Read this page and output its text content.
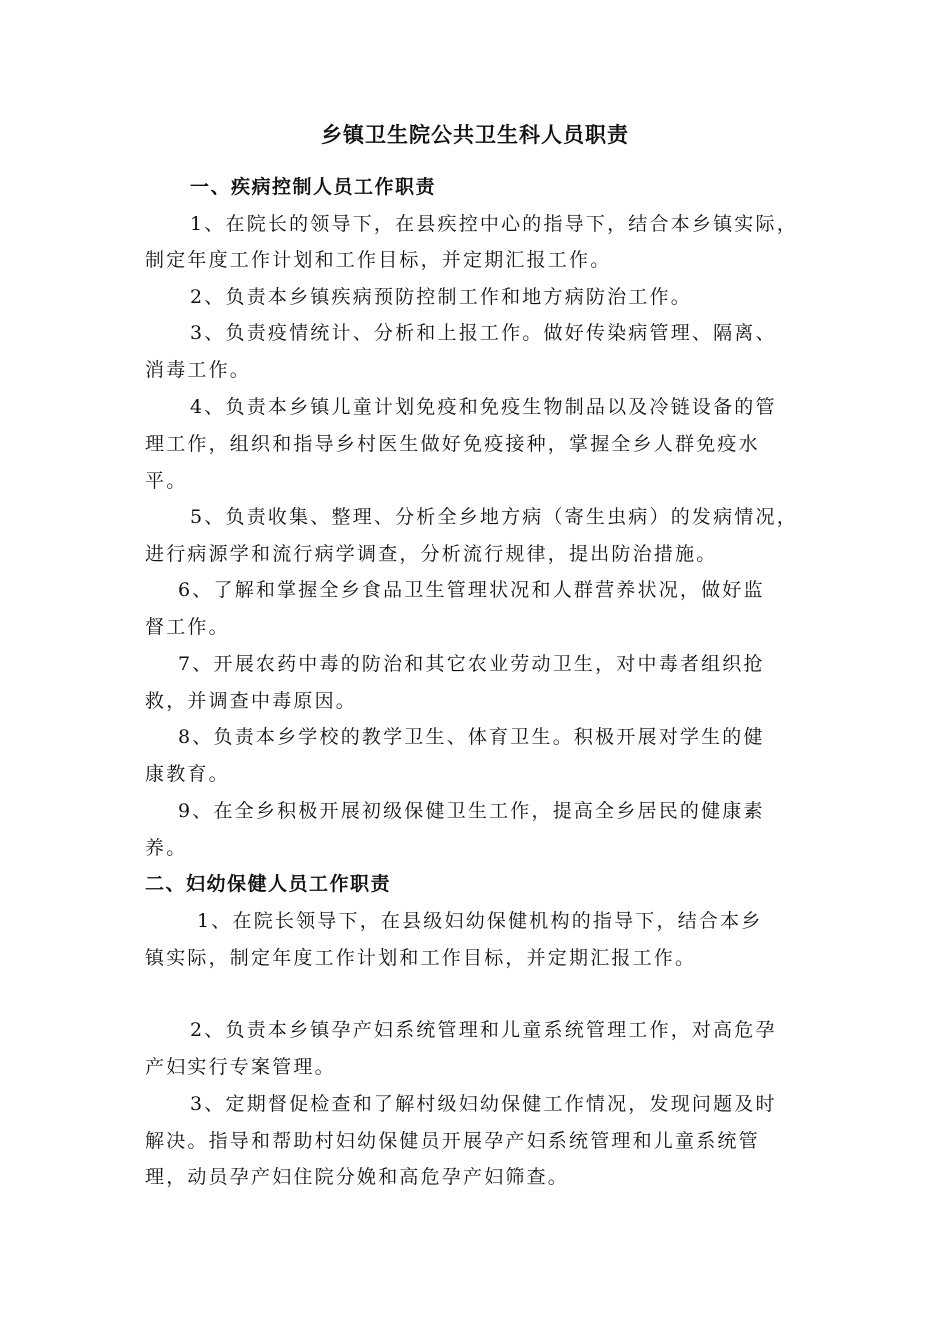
乡镇卫生院公共卫生科人员职责

一、疾病控制人员工作职责

1、在院长的领导下，在县疾控中心的指导下，结合本乡镇实际，

制定年度工作计划和工作目标，并定期汇报工作。

2、负责本乡镇疾病预防控制工作和地方病防治工作。

3、负责疫情统计、分析和上报工作。做好传染病管理、隔离、

消毒工作。

4、负责本乡镇儿童计划免疫和免疫生物制品以及冷链设备的管

理工作，组织和指导乡村医生做好免疫接种，掌握全乡人群免疫水

平。

5、负责收集、整理、分析全乡地方病（寄生虫病）的发病情况，

进行病源学和流行病学调查，分析流行规律，提出防治措施。

6、了解和掌握全乡食品卫生管理状况和人群营养状况，做好监

督工作。

7、开展农药中毒的防治和其它农业劳动卫生，对中毒者组织抢

救，并调查中毒原因。

8、负责本乡学校的教学卫生、体育卫生。积极开展对学生的健

康教育。

9、在全乡积极开展初级保健卫生工作，提高全乡居民的健康素

养。

二、妇幼保健人员工作职责

1、在院长领导下，在县级妇幼保健机构的指导下，结合本乡

镇实际，制定年度工作计划和工作目标，并定期汇报工作。

2、负责本乡镇孕产妇系统管理和儿童系统管理工作，对高危孕

产妇实行专案管理。

3、定期督促检查和了解村级妇幼保健工作情况，发现问题及时

解决。指导和帮助村妇幼保健员开展孕产妇系统管理和儿童系统管

理，动员孕产妇住院分娩和高危孕产妇筛查。
